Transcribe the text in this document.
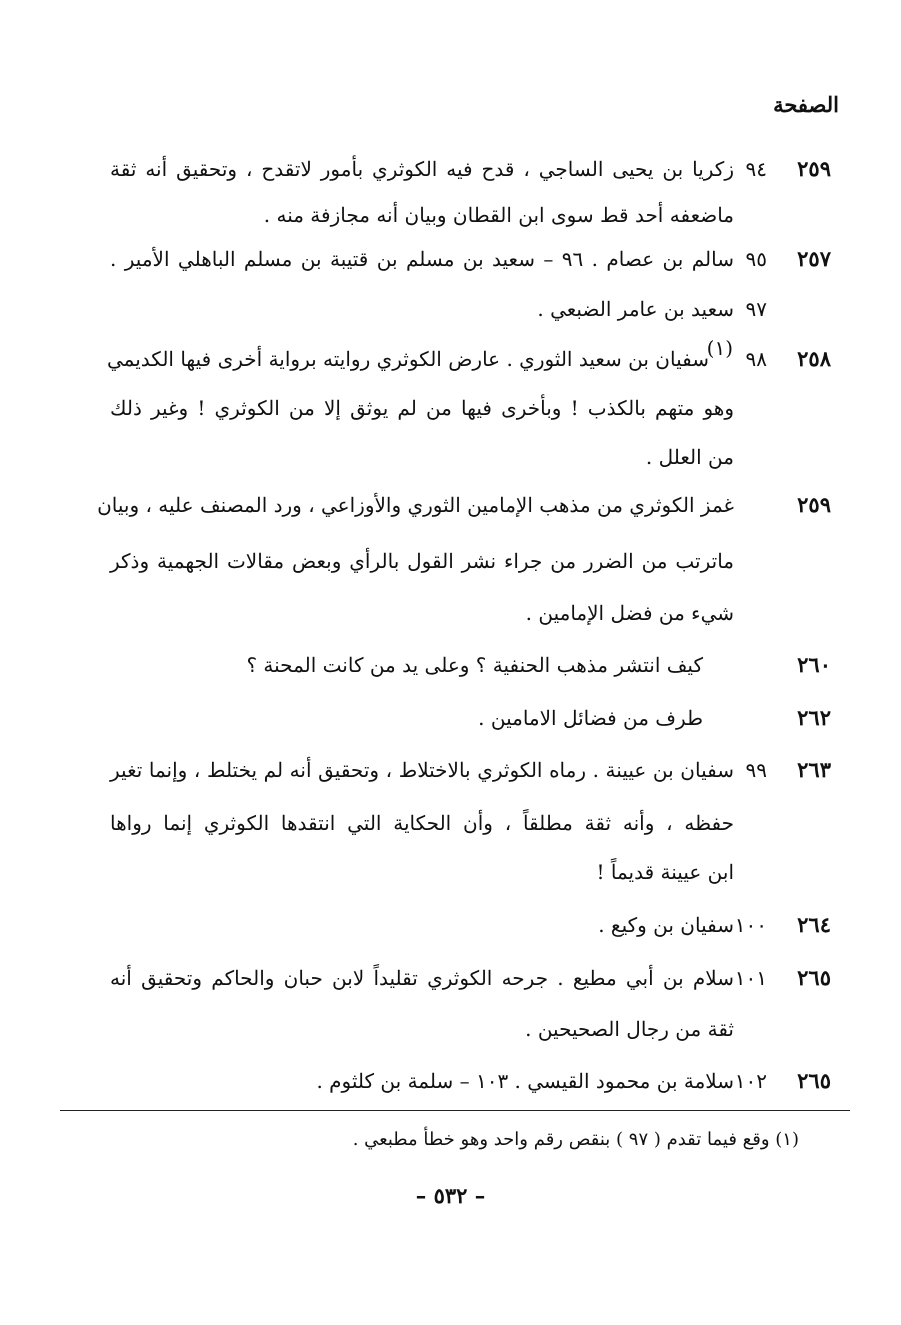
الصفحة
٢٥٩
٩٤
زكريا بن يحيى الساجي ، قدح فيه الكوثري بأمور لاتقدح ، وتحقيق أنه ثقة
ماضعفه أحد قط سوى ابن القطان وبيان أنه مجازفة منه .
٢٥٧
٩٥
سالم بن عصام . ٩٦ – سعيد بن مسلم بن قتيبة بن مسلم الباهلي الأمير .
٩٧
سعيد بن عامر الضبعي .
٢٥٨
٩٨
(١)
سفيان بن سعيد الثوري . عارض الكوثري روايته برواية أخرى فيها الكديمي
وهو متهم بالكذب ! وبأخرى فيها من لم يوثق إلا من الكوثري ! وغير ذلك
من العلل .
٢٥٩
غمز الكوثري من مذهب الإمامين الثوري والأوزاعي ، ورد المصنف عليه ، وبيان
ماترتب من الضرر من جراء نشر القول بالرأي وبعض مقالات الجهمية وذكر
شيء من فضل الإمامين .
٢٦٠
كيف انتشر مذهب الحنفية ؟ وعلى يد من كانت المحنة ؟
٢٦٢
طرف من فضائل الامامين .
٢٦٣
٩٩
سفيان بن عيينة . رماه الكوثري بالاختلاط ، وتحقيق أنه لم يختلط ، وإنما تغير
حفظه ، وأنه ثقة مطلقاً ، وأن الحكاية التي انتقدها الكوثري إنما رواها
ابن عيينة قديماً !
٢٦٤
١٠٠
سفيان بن وكيع .
٢٦٥
١٠١
سلام بن أبي مطيع . جرحه الكوثري تقليداً لابن حبان والحاكم وتحقيق أنه
ثقة من رجال الصحيحين .
٢٦٥
١٠٢
سلامة بن محمود القيسي . ١٠٣ – سلمة بن كلثوم .
(١) وقع فيما تقدم ( ٩٧ ) بنقص رقم واحد وهو خطأ مطبعي .
– ٥٣٢ –
